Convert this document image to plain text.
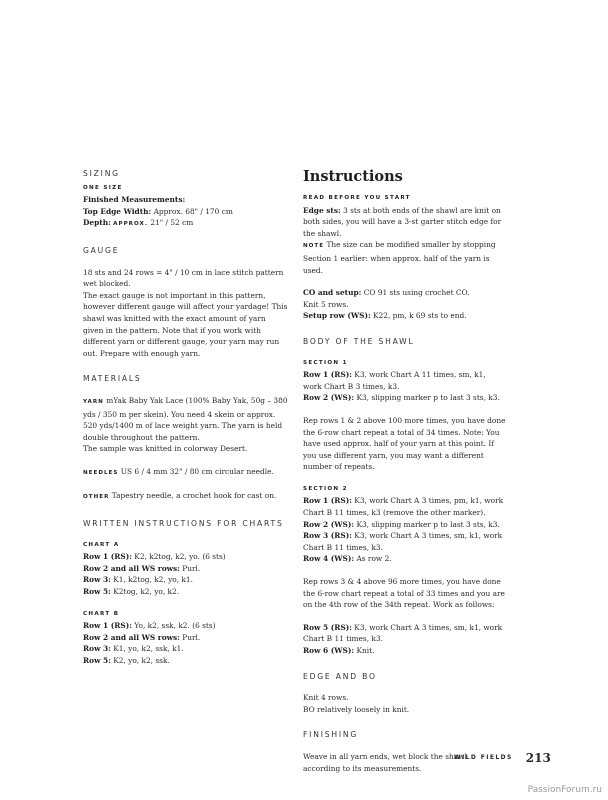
SIZING
ONE SIZE

Finished Measurements:

Top Edge Width: Approx. 68" / 170 cm

Depth: APPROX. 21" / 52 cm

GAUGE

18 sts and 24 rows = 4" / 10 cm in lace stitch pattern wet blocked.

The exact gauge is not important in this pattern, however different gauge will affect your yardage! This shawl was knitted with the exact amount of yarn given in the pattern. Note that if you work with different yarn or different gauge, your yarn may run out. Prepare with enough yarn.

MATERIALS

YARN mYak Baby Yak Lace (100% Baby Yak, 50g – 380 yds / 350 m per skein). You need 4 skein or approx. 520 yds/1400 m of lace weight yarn. The yarn is held double throughout the pattern.

The sample was knitted in colorway Desert.

NEEDLES US 6 / 4 mm 32" / 80 cm circular needle.

OTHER Tapestry needle, a crochet hook for cast on.

WRITTEN INSTRUCTIONS FOR CHARTS
CHART A

Row 1 (RS): K2, k2tog, k2, yo. (6 sts)

Row 2 and all WS rows: Purl.

Row 3: K1, k2tog, k2, yo, k1.

Row 5: K2tog, k2, yo, k2.

CHART B

Row 1 (RS): Yo, k2, ssk, k2. (6 sts)

Row 2 and all WS rows: Purl.

Row 3: K1, yo, k2, ssk, k1.

Row 5: K2, yo, k2, ssk.

Instructions
READ BEFORE YOU START

Edge sts: 3 sts at both ends of the shawl are knit on both sides, you will have a 3-st garter stitch edge for the shawl.

NOTE The size can be modified smaller by stopping Section 1 earlier: when approx. half of the yarn is used.

CO and setup: CO 91 sts using crochet CO.

Knit 5 rows.

Setup row (WS): K22, pm, k 69 sts to end.

BODY OF THE SHAWL
SECTION 1

Row 1 (RS): K3, work Chart A 11 times, sm, k1, work Chart B 3 times, k3.

Row 2 (WS): K3, slipping marker p to last 3 sts, k3.

Rep rows 1 & 2 above 100 more times, you have done the 6-row chart repeat a total of 34 times. Note: You have used approx. half of your yarn at this point. If you use different yarn, you may want a different number of repeats.

SECTION 2

Row 1 (RS): K3, work Chart A 3 times, pm, k1, work Chart B 11 times, k3 (remove the other marker).

Row 2 (WS): K3, slipping marker p to last 3 sts, k3.

Row 3 (RS): K3, work Chart A 3 times, sm, k1, work Chart B 11 times, k3.

Row 4 (WS): As row 2.

Rep rows 3 & 4 above 96 more times, you have done the 6-row chart repeat a total of 33 times and you are on the 4th row of the 34th repeat. Work as follows:

Row 5 (RS): K3, work Chart A 3 times, sm, k1, work Chart B 11 times, k3.

Row 6 (WS): Knit.

EDGE AND BO

Knit 4 rows.

BO relatively loosely in knit.

FINISHING

Weave in all yarn ends, wet block the shawl according to its measurements.

WILD FIELDS 213
PassionForum.ru
